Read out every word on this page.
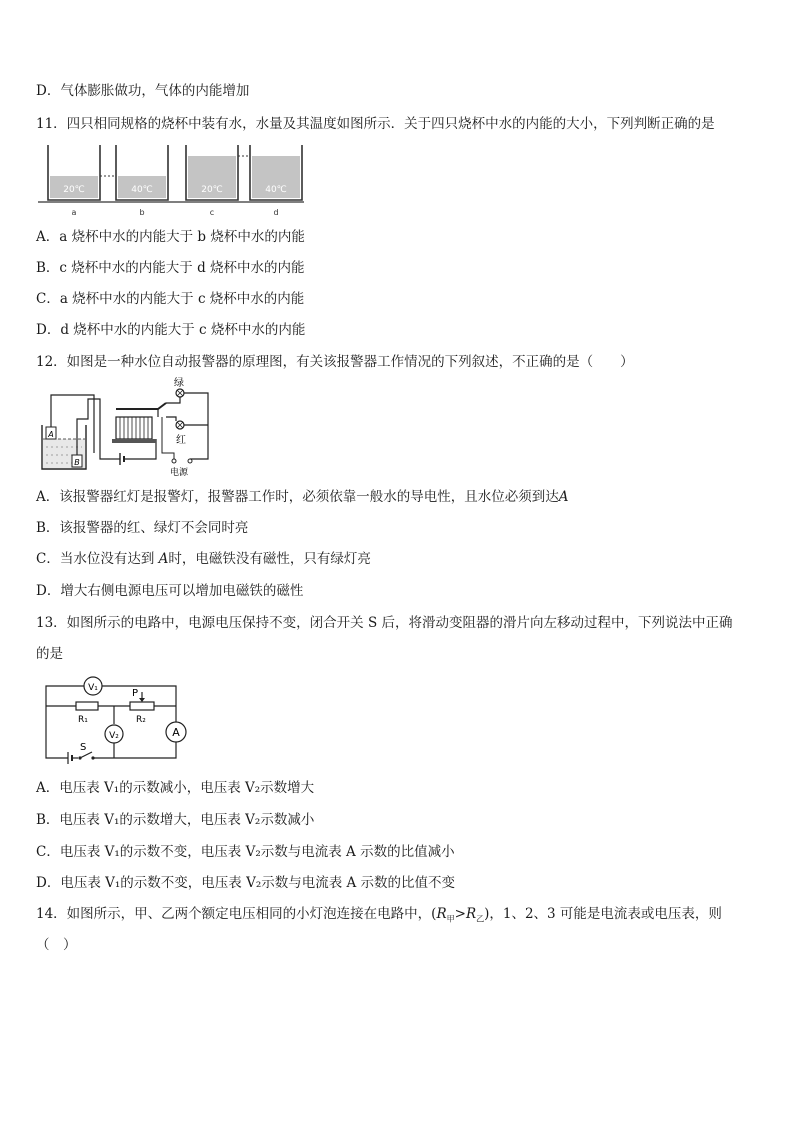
D．气体膨胀做功，气体的内能增加
11．四只相同规格的烧杯中装有水，水量及其温度如图所示．关于四只烧杯中水的内能的大小，下列判断正确的是
20℃	40℃	20℃	40℃
a	b	c	d
A．a 烧杯中水的内能大于 b 烧杯中水的内能
B．c 烧杯中水的内能大于 d 烧杯中水的内能
C．a 烧杯中水的内能大于 c 烧杯中水的内能
D．d 烧杯中水的内能大于 c 烧杯中水的内能
12．如图是一种水位自动报警器的原理图，有关该报警器工作情况的下列叙述，不正确的是（　　）
A
B
绿
红
电源
A．该报警器红灯是报警灯，报警器工作时，必须依靠一般水的导电性，且水位必须到达A
B．该报警器的红、绿灯不会同时亮
C．当水位没有达到 A时，电磁铁没有磁性，只有绿灯亮
D．增大右侧电源电压可以增加电磁铁的磁性
13．如图所示的电路中，电源电压保持不变，闭合开关 S 后，将滑动变阻器的滑片向左移动过程中，下列说法中正确
的是
V₁	P
R₁	R₂
V₂	A
S
A．电压表 V₁的示数减小，电压表 V₂示数增大
B．电压表 V₁的示数增大，电压表 V₂示数减小
C．电压表 V₁的示数不变，电压表 V₂示数与电流表 A 示数的比值减小
D．电压表 V₁的示数不变，电压表 V₂示数与电流表 A 示数的比值不变
14．如图所示，甲、乙两个额定电压相同的小灯泡连接在电路中，$(R_甲>R_乙)$，1、2、3 可能是电流表或电压表，则
（　）
